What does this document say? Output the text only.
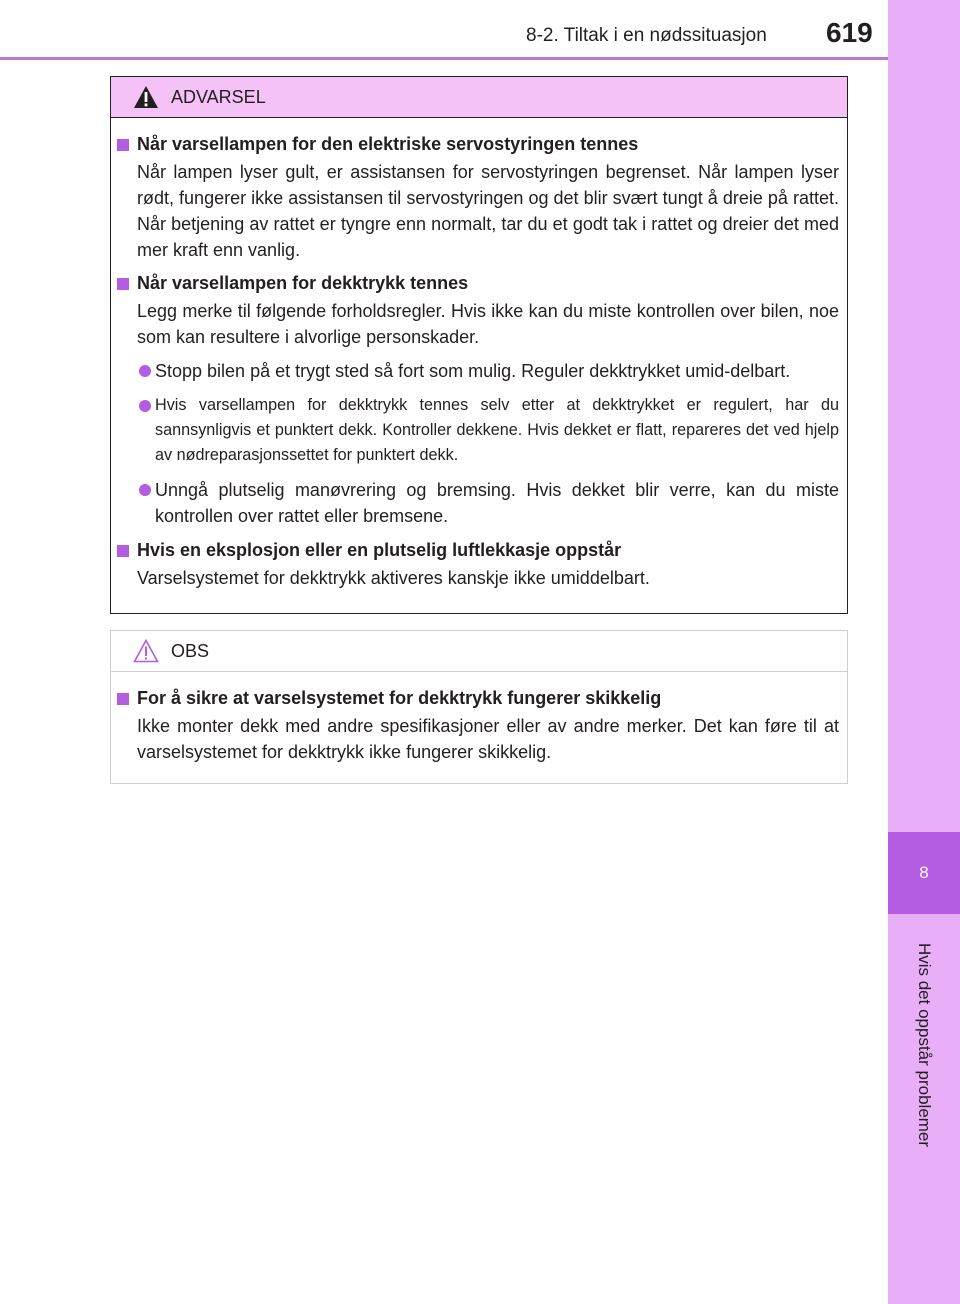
8-2. Tiltak i en nødssituasjon 619
8
Hvis det oppstår problemer
ADVARSEL
Når varsellampen for den elektriske servostyringen tennes
Når lampen lyser gult, er assistansen for servostyringen begrenset. Når lampen lyser rødt, fungerer ikke assistansen til servostyringen og det blir svært tungt å dreie på rattet. Når betjening av rattet er tyngre enn normalt, tar du et godt tak i rattet og dreier det med mer kraft enn vanlig.
Når varsellampen for dekktrykk tennes
Legg merke til følgende forholdsregler. Hvis ikke kan du miste kontrollen over bilen, noe som kan resultere i alvorlige personskader.
Stopp bilen på et trygt sted så fort som mulig. Reguler dekktrykket umid-delbart.
Hvis varsellampen for dekktrykk tennes selv etter at dekktrykket er regulert, har du sannsynligvis et punktert dekk. Kontroller dekkene. Hvis dekket er flatt, repareres det ved hjelp av nødreparasjonssettet for punktert dekk.
Unngå plutselig manøvrering og bremsing. Hvis dekket blir verre, kan du miste kontrollen over rattet eller bremsene.
Hvis en eksplosjon eller en plutselig luftlekkasje oppstår
Varselsystemet for dekktrykk aktiveres kanskje ikke umiddelbart.
OBS
For å sikre at varselsystemet for dekktrykk fungerer skikkelig
Ikke monter dekk med andre spesifikasjoner eller av andre merker. Det kan føre til at varselsystemet for dekktrykk ikke fungerer skikkelig.
